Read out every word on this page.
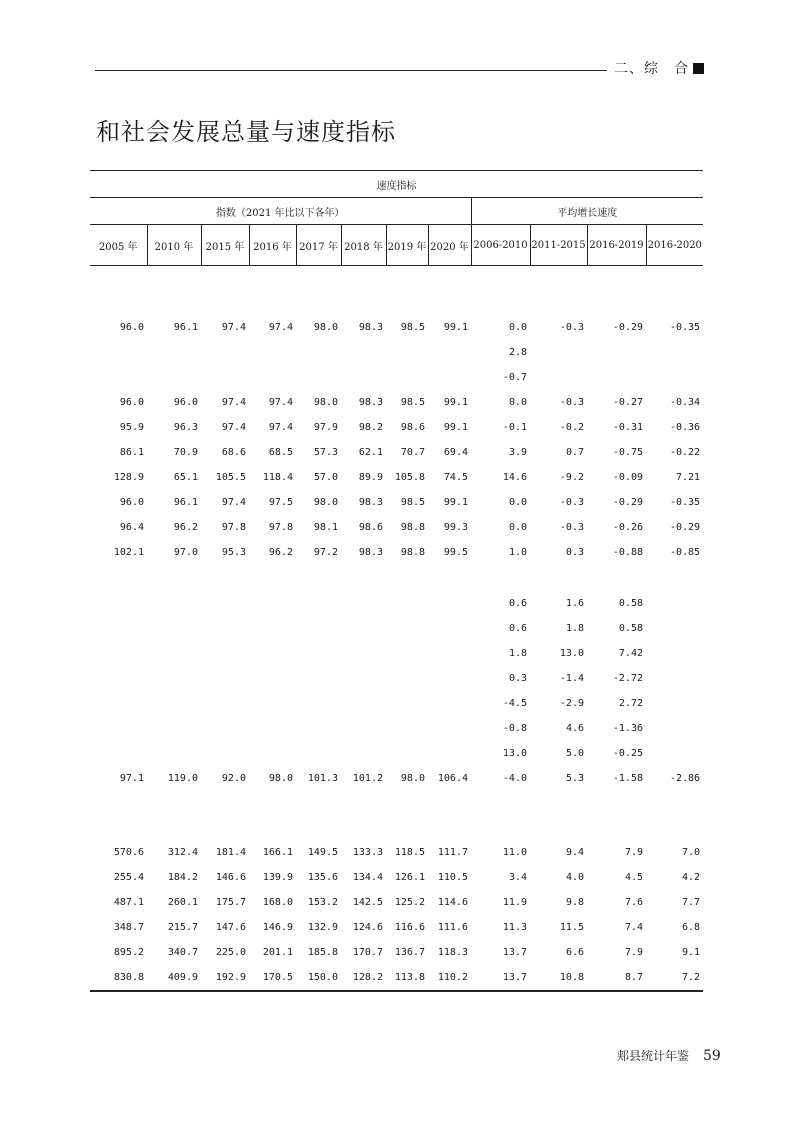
二、综　合
和社会发展总量与速度指标
速度指标											
指数（2021 年比以下各年）								平均增长速度			
2005 年	2010 年	2015 年	2016 年	2017 年	2018 年	2019 年	2020 年	2006-2010	2011-2015	2016-2019	2016-2020

96.0	96.1	97.4	97.4	98.0	98.3	98.5	99.1	0.0	-0.3	-0.29	-0.35
								2.8			
								-0.7			
96.0	96.0	97.4	97.4	98.0	98.3	98.5	99.1	0.0	-0.3	-0.27	-0.34
95.9	96.3	97.4	97.4	97.9	98.2	98.6	99.1	-0.1	-0.2	-0.31	-0.36
86.1	70.9	68.6	68.5	57.3	62.1	70.7	69.4	3.9	0.7	-0.75	-0.22
128.9	65.1	105.5	118.4	57.0	89.9	105.8	74.5	14.6	-9.2	-0.09	7.21
96.0	96.1	97.4	97.5	98.0	98.3	98.5	99.1	0.0	-0.3	-0.29	-0.35
96.4	96.2	97.8	97.8	98.1	98.6	98.8	99.3	0.0	-0.3	-0.26	-0.29
102.1	97.0	95.3	96.2	97.2	98.3	98.8	99.5	1.0	0.3	-0.88	-0.85

								0.6	1.6	0.58	
								0.6	1.8	0.58	
								1.8	13.0	7.42	
								0.3	-1.4	-2.72	
								-4.5	-2.9	2.72	
								-0.8	4.6	-1.36	
								13.0	5.0	-0.25	
97.1	119.0	92.0	98.0	101.3	101.2	98.0	106.4	-4.0	5.3	-1.58	-2.86

570.6	312.4	181.4	166.1	149.5	133.3	118.5	111.7	11.0	9.4	7.9	7.0
255.4	184.2	146.6	139.9	135.6	134.4	126.1	110.5	3.4	4.0	4.5	4.2
487.1	260.1	175.7	168.0	153.2	142.5	125.2	114.6	11.9	9.8	7.6	7.7
348.7	215.7	147.6	146.9	132.9	124.6	116.6	111.6	11.3	11.5	7.4	6.8
895.2	340.7	225.0	201.1	185.8	170.7	136.7	118.3	13.7	6.6	7.9	9.1
830.8	409.9	192.9	170.5	150.0	128.2	113.8	110.2	13.7	10.8	8.7	7.2
郏县统计年鉴 59
